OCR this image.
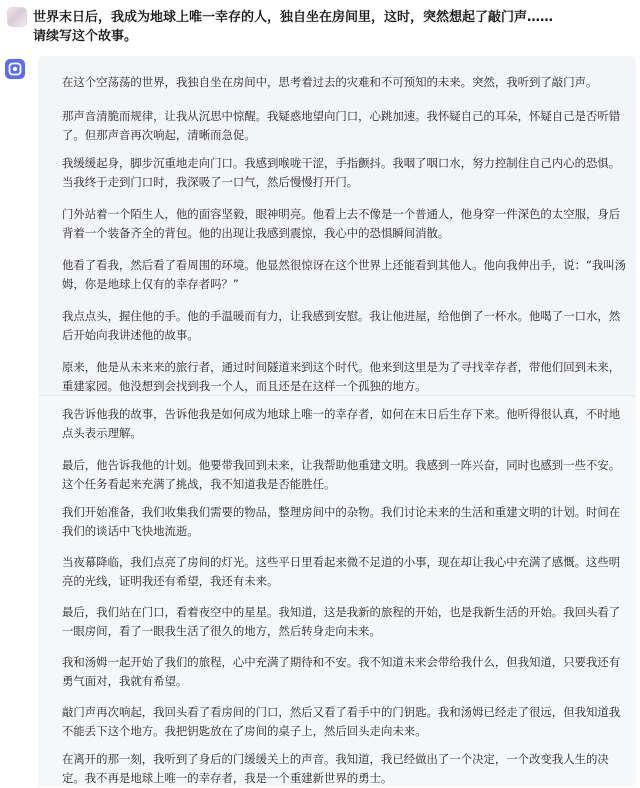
世界末日后，我成为地球上唯一幸存的人，独自坐在房间里，这时，突然想起了敲门声……
请续写这个故事。
在这个空荡荡的世界，我独自坐在房间中，思考着过去的灾难和不可预知的未来。突然，我听到了敲门声。
那声音清脆而规律，让我从沉思中惊醒。我疑惑地望向门口，心跳加速。我怀疑自己的耳朵，怀疑自己是否听错
了。但那声音再次响起，清晰而急促。
我缓缓起身，脚步沉重地走向门口。我感到喉咙干涩，手指颤抖。我咽了咽口水，努力控制住自己内心的恐惧。
当我终于走到门口时，我深吸了一口气，然后慢慢打开门。
门外站着一个陌生人，他的面容坚毅，眼神明亮。他看上去不像是一个普通人，他身穿一件深色的太空服，身后
背着一个装备齐全的背包。他的出现让我感到震惊，我心中的恐惧瞬间消散。
他看了看我，然后看了看周围的环境。他显然很惊讶在这个世界上还能看到其他人。他向我伸出手，说：“我叫汤
姆，你是地球上仅有的幸存者吗？”
我点点头，握住他的手。他的手温暖而有力，让我感到安慰。我让他进屋，给他倒了一杯水。他喝了一口水，然
后开始向我讲述他的故事。
原来，他是从未来来的旅行者，通过时间隧道来到这个时代。他来到这里是为了寻找幸存者，带他们回到未来，
重建家园。他没想到会找到我一个人，而且还是在这样一个孤独的地方。
我告诉他我的故事，告诉他我是如何成为地球上唯一的幸存者，如何在末日后生存下来。他听得很认真，不时地
点头表示理解。
最后，他告诉我他的计划。他要带我回到未来，让我帮助他重建文明。我感到一阵兴奋，同时也感到一些不安。
这个任务看起来充满了挑战，我不知道我是否能胜任。
我们开始准备，我们收集我们需要的物品，整理房间中的杂物。我们讨论未来的生活和重建文明的计划。时间在
我们的谈话中飞快地流逝。
当夜幕降临，我们点亮了房间的灯光。这些平日里看起来微不足道的小事，现在却让我心中充满了感慨。这些明
亮的光线，证明我还有希望，我还有未来。
最后，我们站在门口，看着夜空中的星星。我知道，这是我新的旅程的开始，也是我新生活的开始。我回头看了
一眼房间，看了一眼我生活了很久的地方，然后转身走向未来。
我和汤姆一起开始了我们的旅程，心中充满了期待和不安。我不知道未来会带给我什么，但我知道，只要我还有
勇气面对，我就有希望。
敲门声再次响起，我回头看了看房间的门口，然后又看了看手中的门钥匙。我和汤姆已经走了很远，但我知道我
不能丢下这个地方。我把钥匙放在了房间的桌子上，然后回头走向未来。
在离开的那一刻，我听到了身后的门缓缓关上的声音。我知道，我已经做出了一个决定，一个改变我人生的决
定。我不再是地球上唯一的幸存者，我是一个重建新世界的勇士。
